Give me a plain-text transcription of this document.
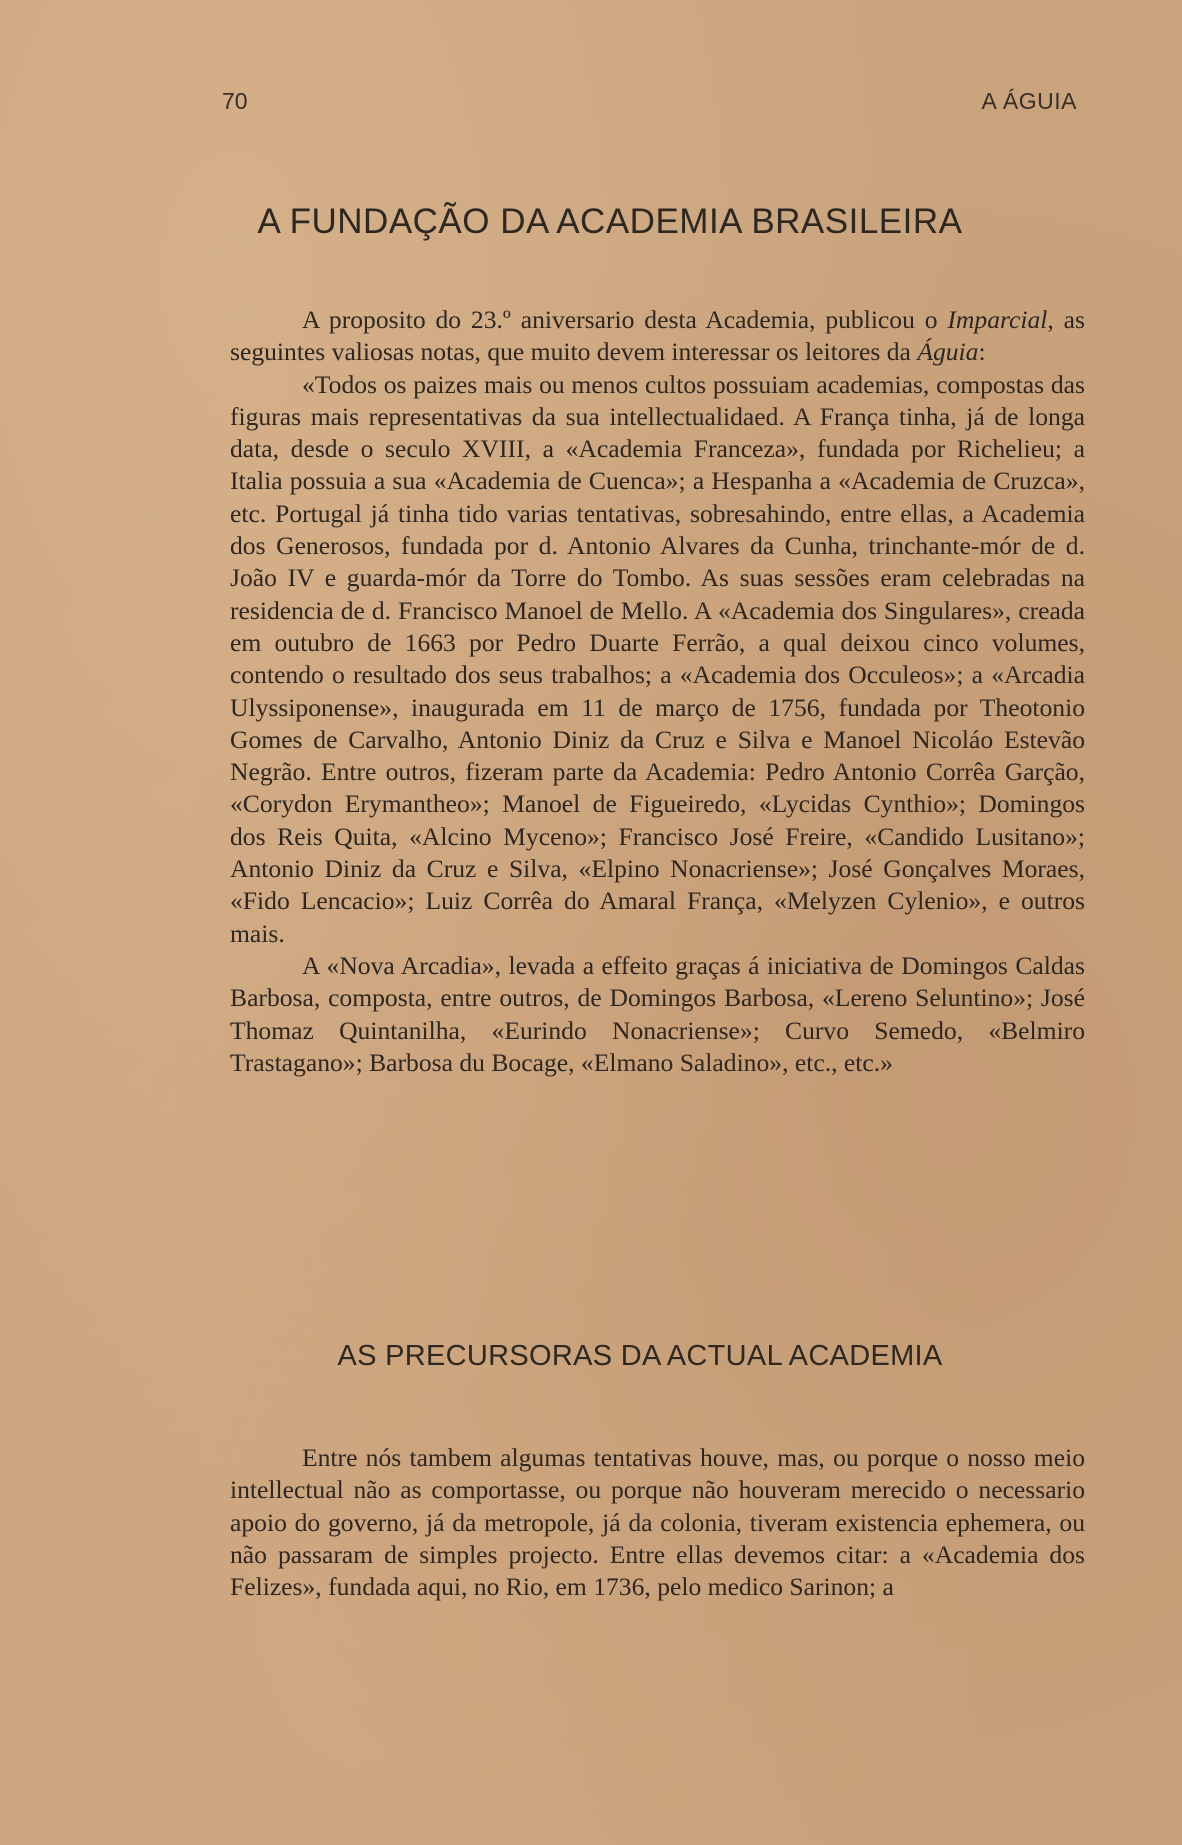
70	A ÁGUIA
A FUNDAÇÃO DA ACADEMIA BRASILEIRA

A proposito do 23.º aniversario desta Academia, publicou o Imparcial, as seguintes valiosas notas, que muito devem interessar os leitores da Águia:

«Todos os paizes mais ou menos cultos possuiam academias, compostas das figuras mais representativas da sua intellectualidaed. A França tinha, já de longa data, desde o seculo XVIII, a «Academia Franceza», fundada por Richelieu; a Italia possuia a sua «Academia de Cuenca»; a Hespanha a «Academia de Cruzca», etc. Portugal já tinha tido varias tentativas, sobresahindo, entre ellas, a Academia dos Generosos, fundada por d. Antonio Alvares da Cunha, trinchante-mór de d. João IV e guarda-mór da Torre do Tombo. As suas sessões eram celebradas na residencia de d. Francisco Manoel de Mello. A «Academia dos Singulares», creada em outubro de 1663 por Pedro Duarte Ferrão, a qual deixou cinco volumes, contendo o resultado dos seus trabalhos; a «Academia dos Occuleos»; a «Arcadia Ulyssiponense», inaugurada em 11 de março de 1756, fundada por Theotonio Gomes de Carvalho, Antonio Diniz da Cruz e Silva e Manoel Nicoláo Estevão Negrão. Entre outros, fizeram parte da Academia: Pedro Antonio Corrêa Garção, «Corydon Erymantheo»; Manoel de Figueiredo, «Lycidas Cynthio»; Domingos dos Reis Quita, «Alcino Myceno»; Francisco José Freire, «Candido Lusitano»; Antonio Diniz da Cruz e Silva, «Elpino Nonacriense»; José Gonçalves Moraes, «Fido Lencacio»; Luiz Corrêa do Amaral França, «Melyzen Cylenio», e outros mais.

A «Nova Arcadia», levada a effeito graças á iniciativa de Domingos Caldas Barbosa, composta, entre outros, de Domingos Barbosa, «Lereno Seluntino»; José Thomaz Quintanilha, «Eurindo Nonacriense»; Curvo Semedo, «Belmiro Trastagano»; Barbosa du Bocage, «Elmano Saladino», etc., etc.»

AS PRECURSORAS DA ACTUAL ACADEMIA

Entre nós tambem algumas tentativas houve, mas, ou porque o nosso meio intellectual não as comportasse, ou porque não houveram merecido o necessario apoio do governo, já da metropole, já da colonia, tiveram existencia ephemera, ou não passaram de simples projecto. Entre ellas devemos citar: a «Academia dos Felizes», fundada aqui, no Rio, em 1736, pelo medico Sarinon; a
